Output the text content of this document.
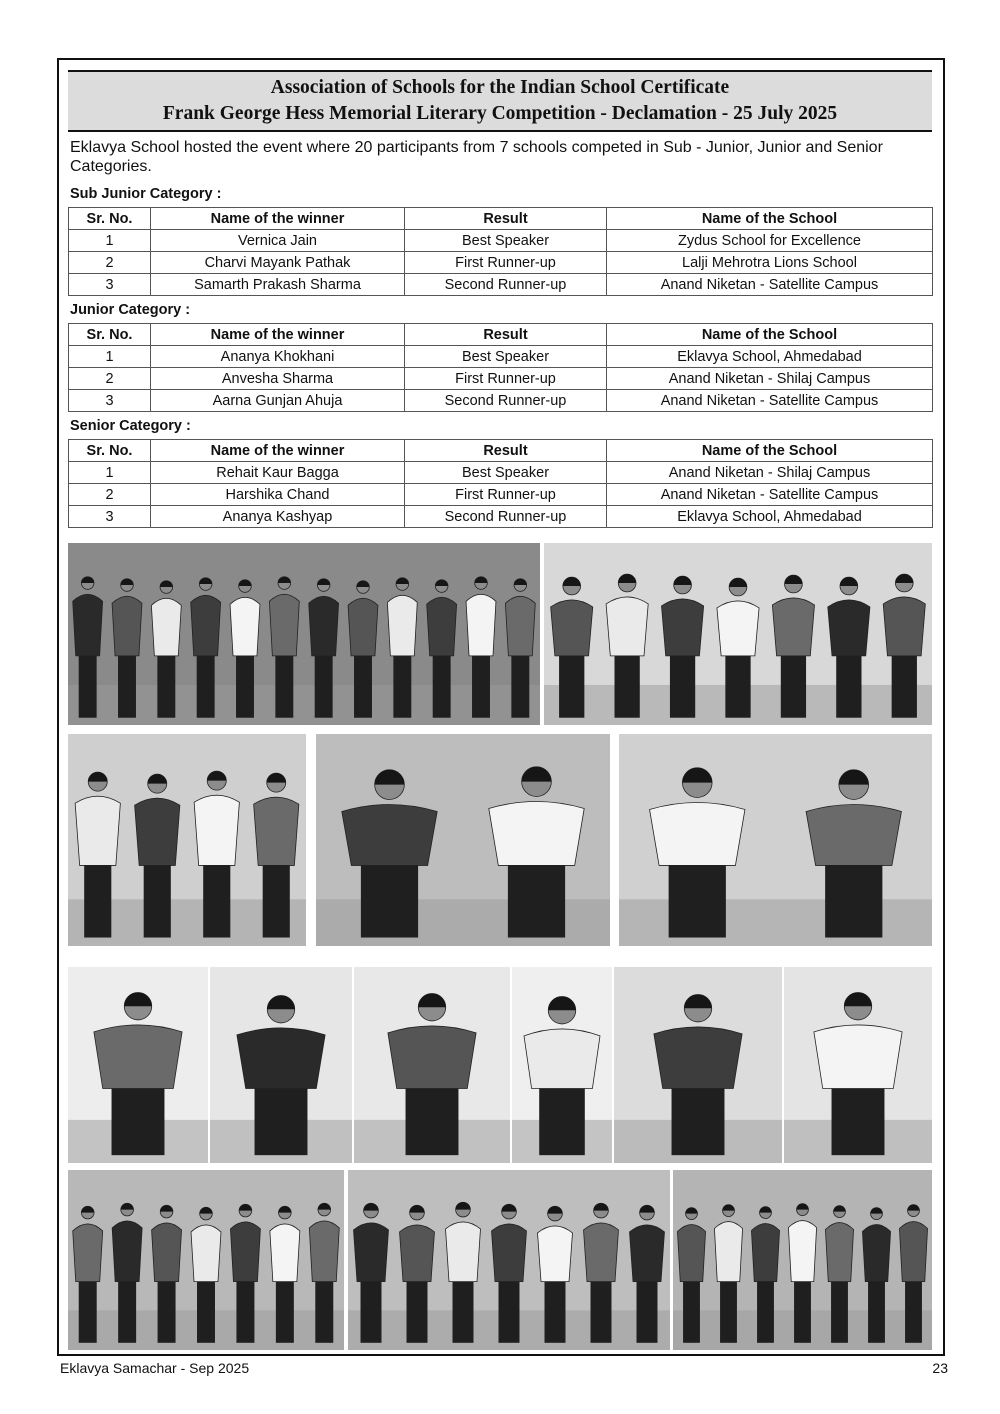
Association of Schools for the Indian School Certificate
Frank George Hess Memorial Literary Competition - Declamation - 25 July 2025
Eklavya School hosted the event where 20 participants from 7 schools competed in Sub - Junior, Junior and Senior Categories.
Sub Junior Category :
Sr. No.	Name of the winner	Result	Name of the School
1	Vernica Jain	Best Speaker	Zydus School for Excellence
2	Charvi Mayank Pathak	First Runner-up	Lalji Mehrotra Lions School
3	Samarth Prakash Sharma	Second Runner-up	Anand Niketan - Satellite Campus
Junior Category :
Sr. No.	Name of the winner	Result	Name of the School
1	Ananya Khokhani	Best Speaker	Eklavya School, Ahmedabad
2	Anvesha Sharma	First Runner-up	Anand Niketan - Shilaj Campus
3	Aarna Gunjan Ahuja	Second Runner-up	Anand Niketan - Satellite Campus
Senior Category :
Sr. No.	Name of the winner	Result	Name of the School
1	Rehait Kaur Bagga	Best Speaker	Anand Niketan - Shilaj Campus
2	Harshika Chand	First Runner-up	Anand Niketan - Satellite Campus
3	Ananya Kashyap	Second Runner-up	Eklavya School, Ahmedabad
Eklavya Samachar - Sep 2025	23
